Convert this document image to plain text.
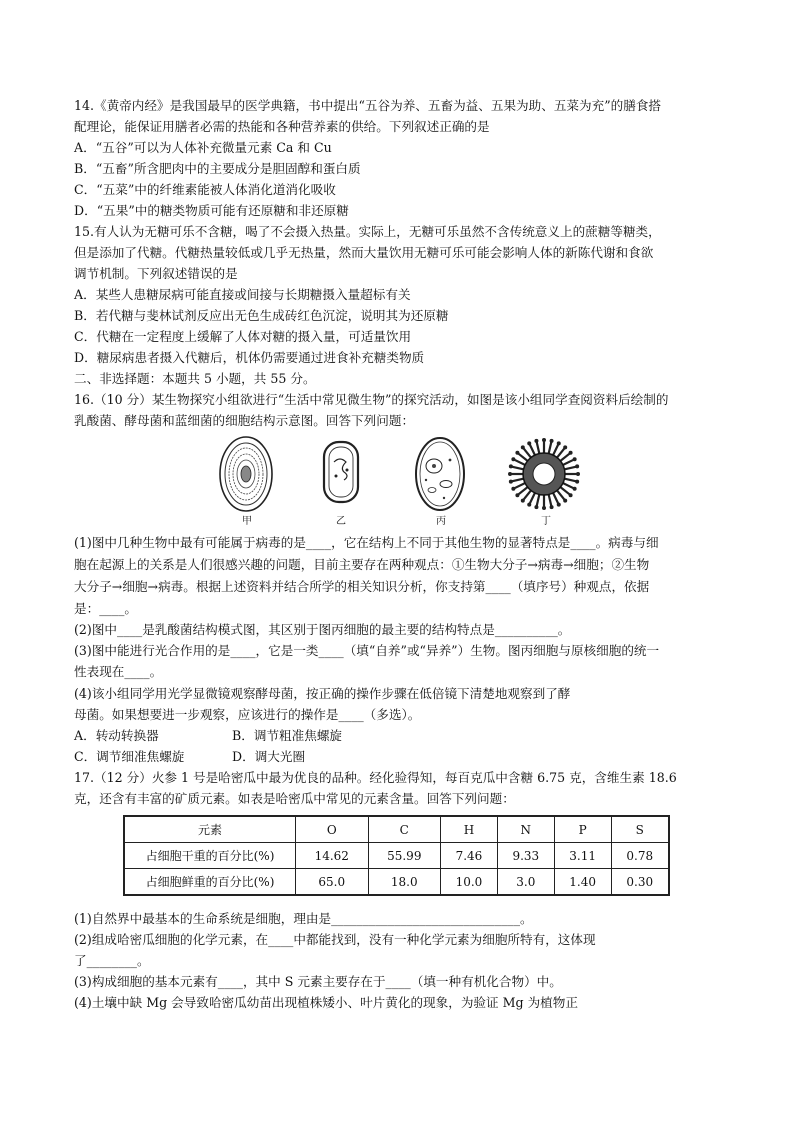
14.《黄帝内经》是我国最早的医学典籍，书中提出“五谷为养、五畜为益、五果为助、五菜为充”的膳食搭
配理论，能保证用膳者必需的热能和各种营养素的供给。下列叙述正确的是
A．“五谷”可以为人体补充微量元素 Ca 和 Cu
B．“五畜”所含肥肉中的主要成分是胆固醇和蛋白质
C．“五菜”中的纤维素能被人体消化道消化吸收
D．“五果”中的糖类物质可能有还原糖和非还原糖
15.有人认为无糖可乐不含糖，喝了不会摄入热量。实际上，无糖可乐虽然不含传统意义上的蔗糖等糖类，
但是添加了代糖。代糖热量较低或几乎无热量，然而大量饮用无糖可乐可能会影响人体的新陈代谢和食欲
调节机制。下列叙述错误的是
A．某些人患糖尿病可能直接或间接与长期糖摄入量超标有关
B．若代糖与斐林试剂反应出无色生成砖红色沉淀，说明其为还原糖
C．代糖在一定程度上缓解了人体对糖的摄入量，可适量饮用
D．糖尿病患者摄入代糖后，机体仍需要通过进食补充糖类物质
二、非选择题：本题共 5 小题，共 55 分。
16.（10 分）某生物探究小组欲进行“生活中常见微生物”的探究活动，如图是该小组同学查阅资料后绘制的
乳酸菌、酵母菌和蓝细菌的细胞结构示意图。回答下列问题：
甲	乙	丙	丁
(1)图中几种生物中最有可能属于病毒的是____，它在结构上不同于其他生物的显著特点是____。病毒与细
胞在起源上的关系是人们很感兴趣的问题，目前主要存在两种观点：①生物大分子→病毒→细胞；②生物
大分子→细胞→病毒。根据上述资料并结合所学的相关知识分析，你支持第____（填序号）种观点，依据
是：____。
(2)图中____是乳酸菌结构模式图，其区别于图丙细胞的最主要的结构特点是__________。
(3)图中能进行光合作用的是____，它是一类____（填“自养”或“异养”）生物。图丙细胞与原核细胞的统一
性表现在____。
(4)该小组同学用光学显微镜观察酵母菌，按正确的操作步骤在低倍镜下清楚地观察到了酵
母菌。如果想要进一步观察，应该进行的操作是____（多选）。
A．转动转换器	B．调节粗准焦螺旋
C．调节细准焦螺旋	D．调大光圈
17.（12 分）火参 1 号是哈密瓜中最为优良的品种。经化验得知，每百克瓜中含糖 6.75 克，含维生素 18.6
克，还含有丰富的矿质元素。如表是哈密瓜中常见的元素含量。回答下列问题：
元素	O	C	H	N	P	S
占细胞干重的百分比(%)	14.62	55.99	7.46	9.33	3.11	0.78
占细胞鲜重的百分比(%)	65.0	18.0	10.0	3.0	1.40	0.30
(1)自然界中最基本的生命系统是细胞，理由是______________________________。
(2)组成哈密瓜细胞的化学元素，在____中都能找到，没有一种化学元素为细胞所特有，这体现
了________。
(3)构成细胞的基本元素有____，其中 S 元素主要存在于____（填一种有机化合物）中。
(4)土壤中缺 Mg 会导致哈密瓜幼苗出现植株矮小、叶片黄化的现象，为验证 Mg 为植物正
